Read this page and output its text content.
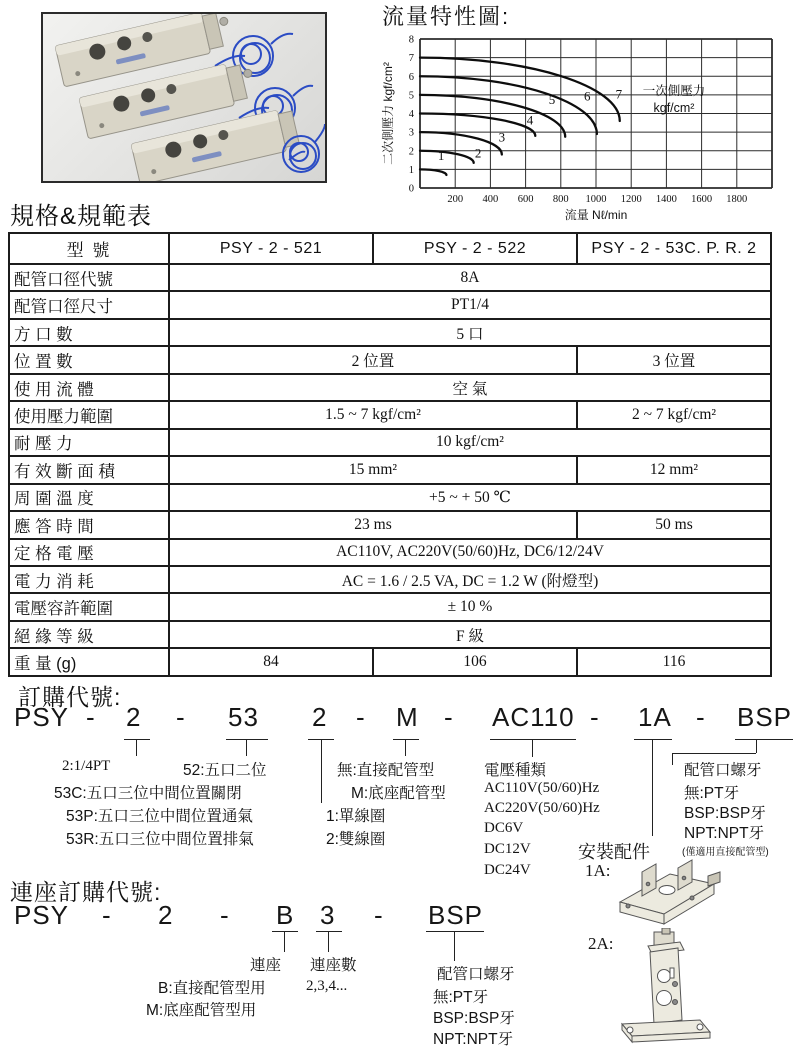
流量特性圖:
200 400 600 800 1000 1200 1400 1600 1800
0
1
2
3
4
5
6
7
8
流量 Nℓ/min
二次側壓力 kgf/cm²	一次側壓力
kgf/cm²
1 2
3
4
5 6 7
規格&規範表
型 號	PSY - 2 - 521	PSY - 2 - 522	PSY - 2 - 53C. P. R. 2
配管口徑代號	8A		
配管口徑尺寸	PT1/4		
方 口 數	5 口		
位 置 數	2 位置		3 位置
使 用 流 體	空 氣		
使用壓力範圍	1.5 ~ 7 kgf/cm²		2 ~ 7 kgf/cm²
耐 壓 力	10 kgf/cm²		
有 效 斷 面 積	15 mm²		12 mm²
周 圍 溫 度	+5 ~ + 50 ℃		
應 答 時 間	23 ms		50 ms
定 格 電 壓	AC110V, AC220V(50/60)Hz, DC6/12/24V		
電 力 消 耗	AC = 1.6 / 2.5 VA, DC = 1.2 W (附燈型)		
電壓容許範圍	± 10 %		
絕 緣 等 級	F 級		
重 量 (g)	84	106	116
訂購代號:
PSY - 2 - 53 2 - M - AC110 - 1A - BSP
2:1/4PT	52:五口二位
53C:五口三位中間位置關閉
53P:五口三位中間位置通氣
53R:五口三位中間位置排氣
無:直接配管型
M:底座配管型
1:單線圈
2:雙線圈
電壓種類
AC110V(50/60)Hz
AC220V(50/60)Hz
DC6V
DC12V
DC24V
配管口螺牙
無:PT牙
BSP:BSP牙
NPT:NPT牙
(僅適用直接配管型)
安裝配件
1A:
2A:
連座訂購代號:
PSY - 2 - B 3 - BSP
連座 連座數
B:直接配管型用
M:底座配管型用
2,3,4...
配管口螺牙
無:PT牙
BSP:BSP牙
NPT:NPT牙
